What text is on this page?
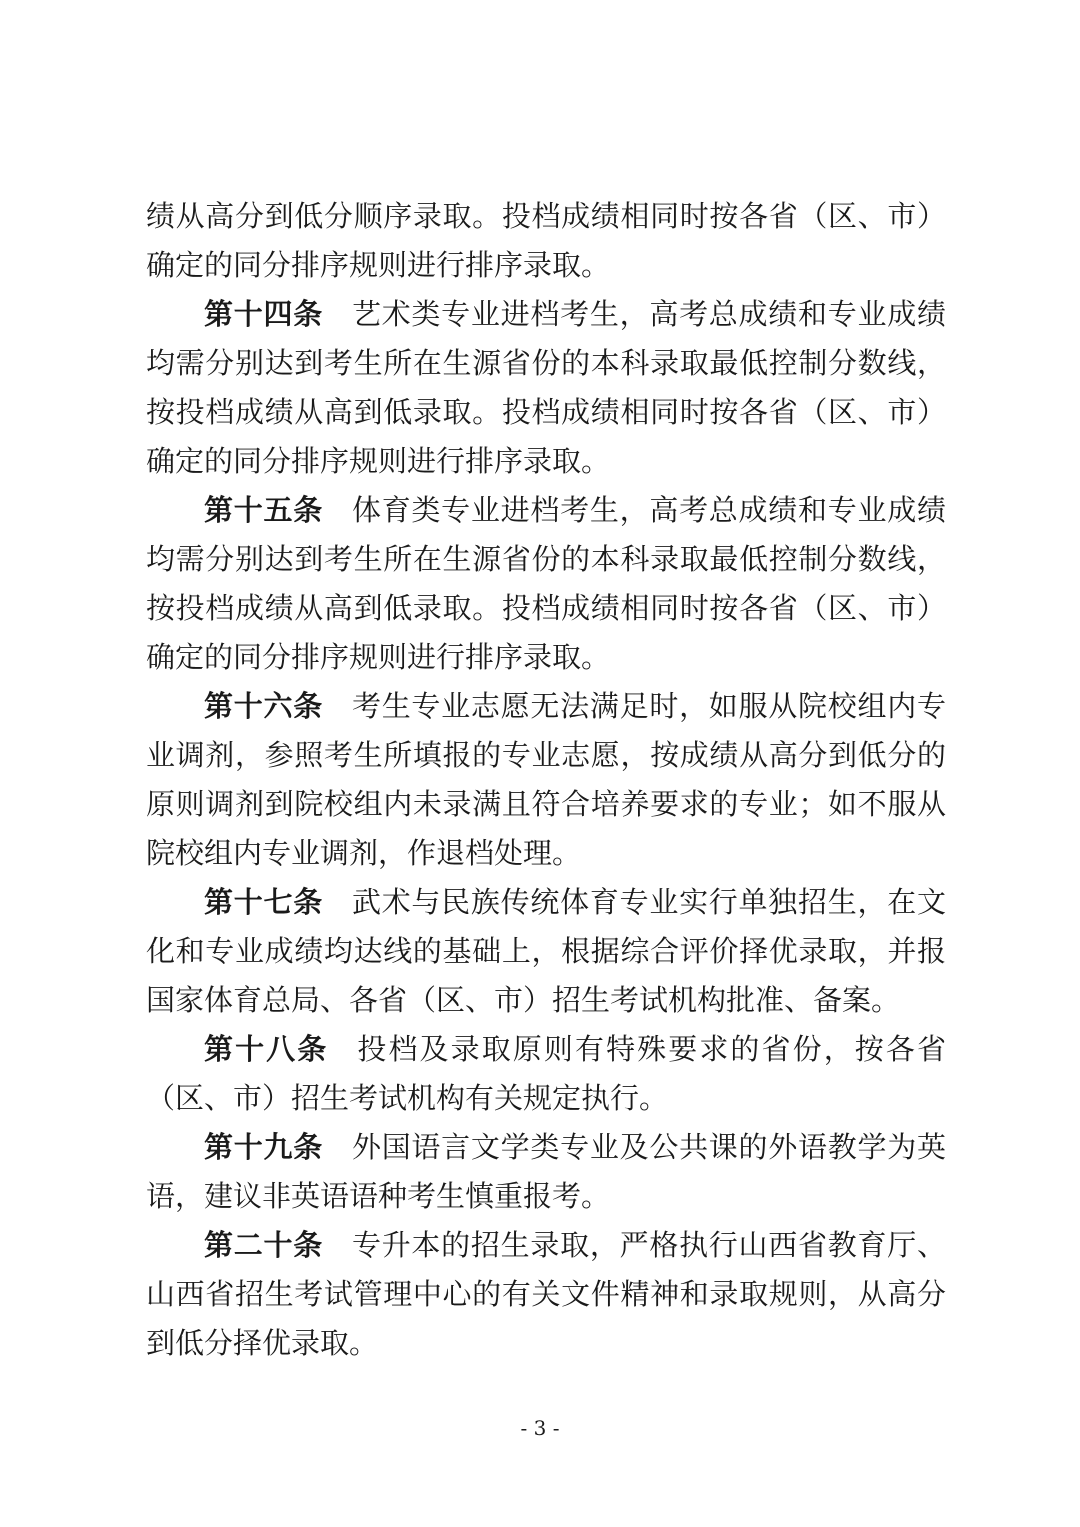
绩从高分到低分顺序录取。投档成绩相同时按各省（区、市）确定的同分排序规则进行排序录取。

第十四条 艺术类专业进档考生，高考总成绩和专业成绩均需分别达到考生所在生源省份的本科录取最低控制分数线，按投档成绩从高到低录取。投档成绩相同时按各省（区、市）确定的同分排序规则进行排序录取。

第十五条 体育类专业进档考生，高考总成绩和专业成绩均需分别达到考生所在生源省份的本科录取最低控制分数线，按投档成绩从高到低录取。投档成绩相同时按各省（区、市）确定的同分排序规则进行排序录取。

第十六条 考生专业志愿无法满足时，如服从院校组内专业调剂，参照考生所填报的专业志愿，按成绩从高分到低分的原则调剂到院校组内未录满且符合培养要求的专业；如不服从院校组内专业调剂，作退档处理。

第十七条 武术与民族传统体育专业实行单独招生，在文化和专业成绩均达线的基础上，根据综合评价择优录取，并报国家体育总局、各省（区、市）招生考试机构批准、备案。

第十八条 投档及录取原则有特殊要求的省份，按各省（区、市）招生考试机构有关规定执行。

第十九条 外国语言文学类专业及公共课的外语教学为英语，建议非英语语种考生慎重报考。

第二十条 专升本的招生录取，严格执行山西省教育厅、山西省招生考试管理中心的有关文件精神和录取规则，从高分到低分择优录取。

- 3 -
